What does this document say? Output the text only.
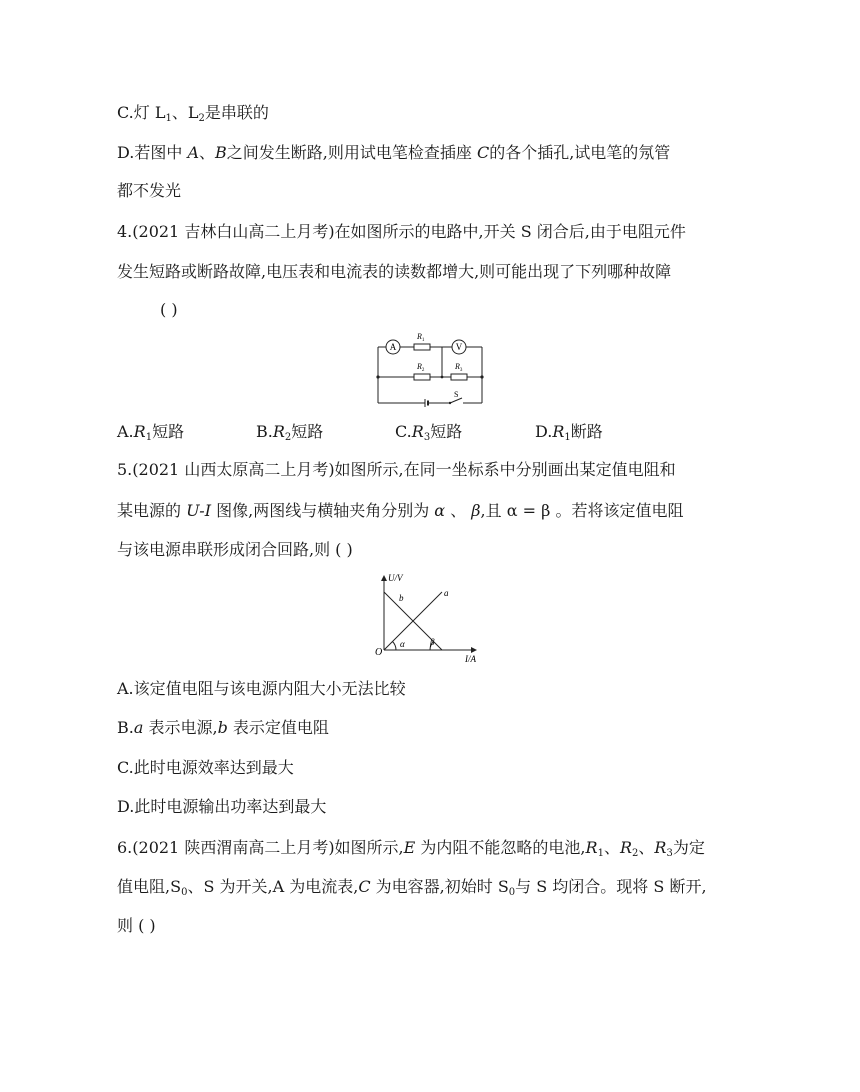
C.灯 $L_1$、$L_2$是串联的
D.若图中 A、B之间发生断路,则用试电笔检查插座 C的各个插孔,试电笔的氖管
都不发光
4.(2021 吉林白山高二上月考)在如图所示的电路中,开关 S 闭合后,由于电阻元件
发生短路或断路故障,电压表和电流表的读数都增大,则可能出现了下列哪种故障
( )
A	V
$R_1$
$R_2$	$R_3$
S
$A.R_1$短路	$B.R_2$短路	$C.R_3$短路	$D.R_1$断路
5.(2021 山西太原高二上月考)如图所示,在同一坐标系中分别画出某定值电阻和
某电源的 U-I 图像,两图线与横轴夹角分别为 α 、 β,且 α = β 。若将该定值电阻
与该电源串联形成闭合回路,则 ( )
U/V
I/A
O
a
b
α	β
A.该定值电阻与该电源内阻大小无法比较
B.a 表示电源,b 表示定值电阻
C.此时电源效率达到最大
D.此时电源输出功率达到最大
6.(2021 陕西渭南高二上月考)如图所示,E 为内阻不能忽略的电池$,R_1$、$R_2$、$R_3$为定
值电阻$,S_0$、S 为开关,A 为电流表,C 为电容器,初始时 $S_0$与 S 均闭合。现将 S 断开,
则 ( )
